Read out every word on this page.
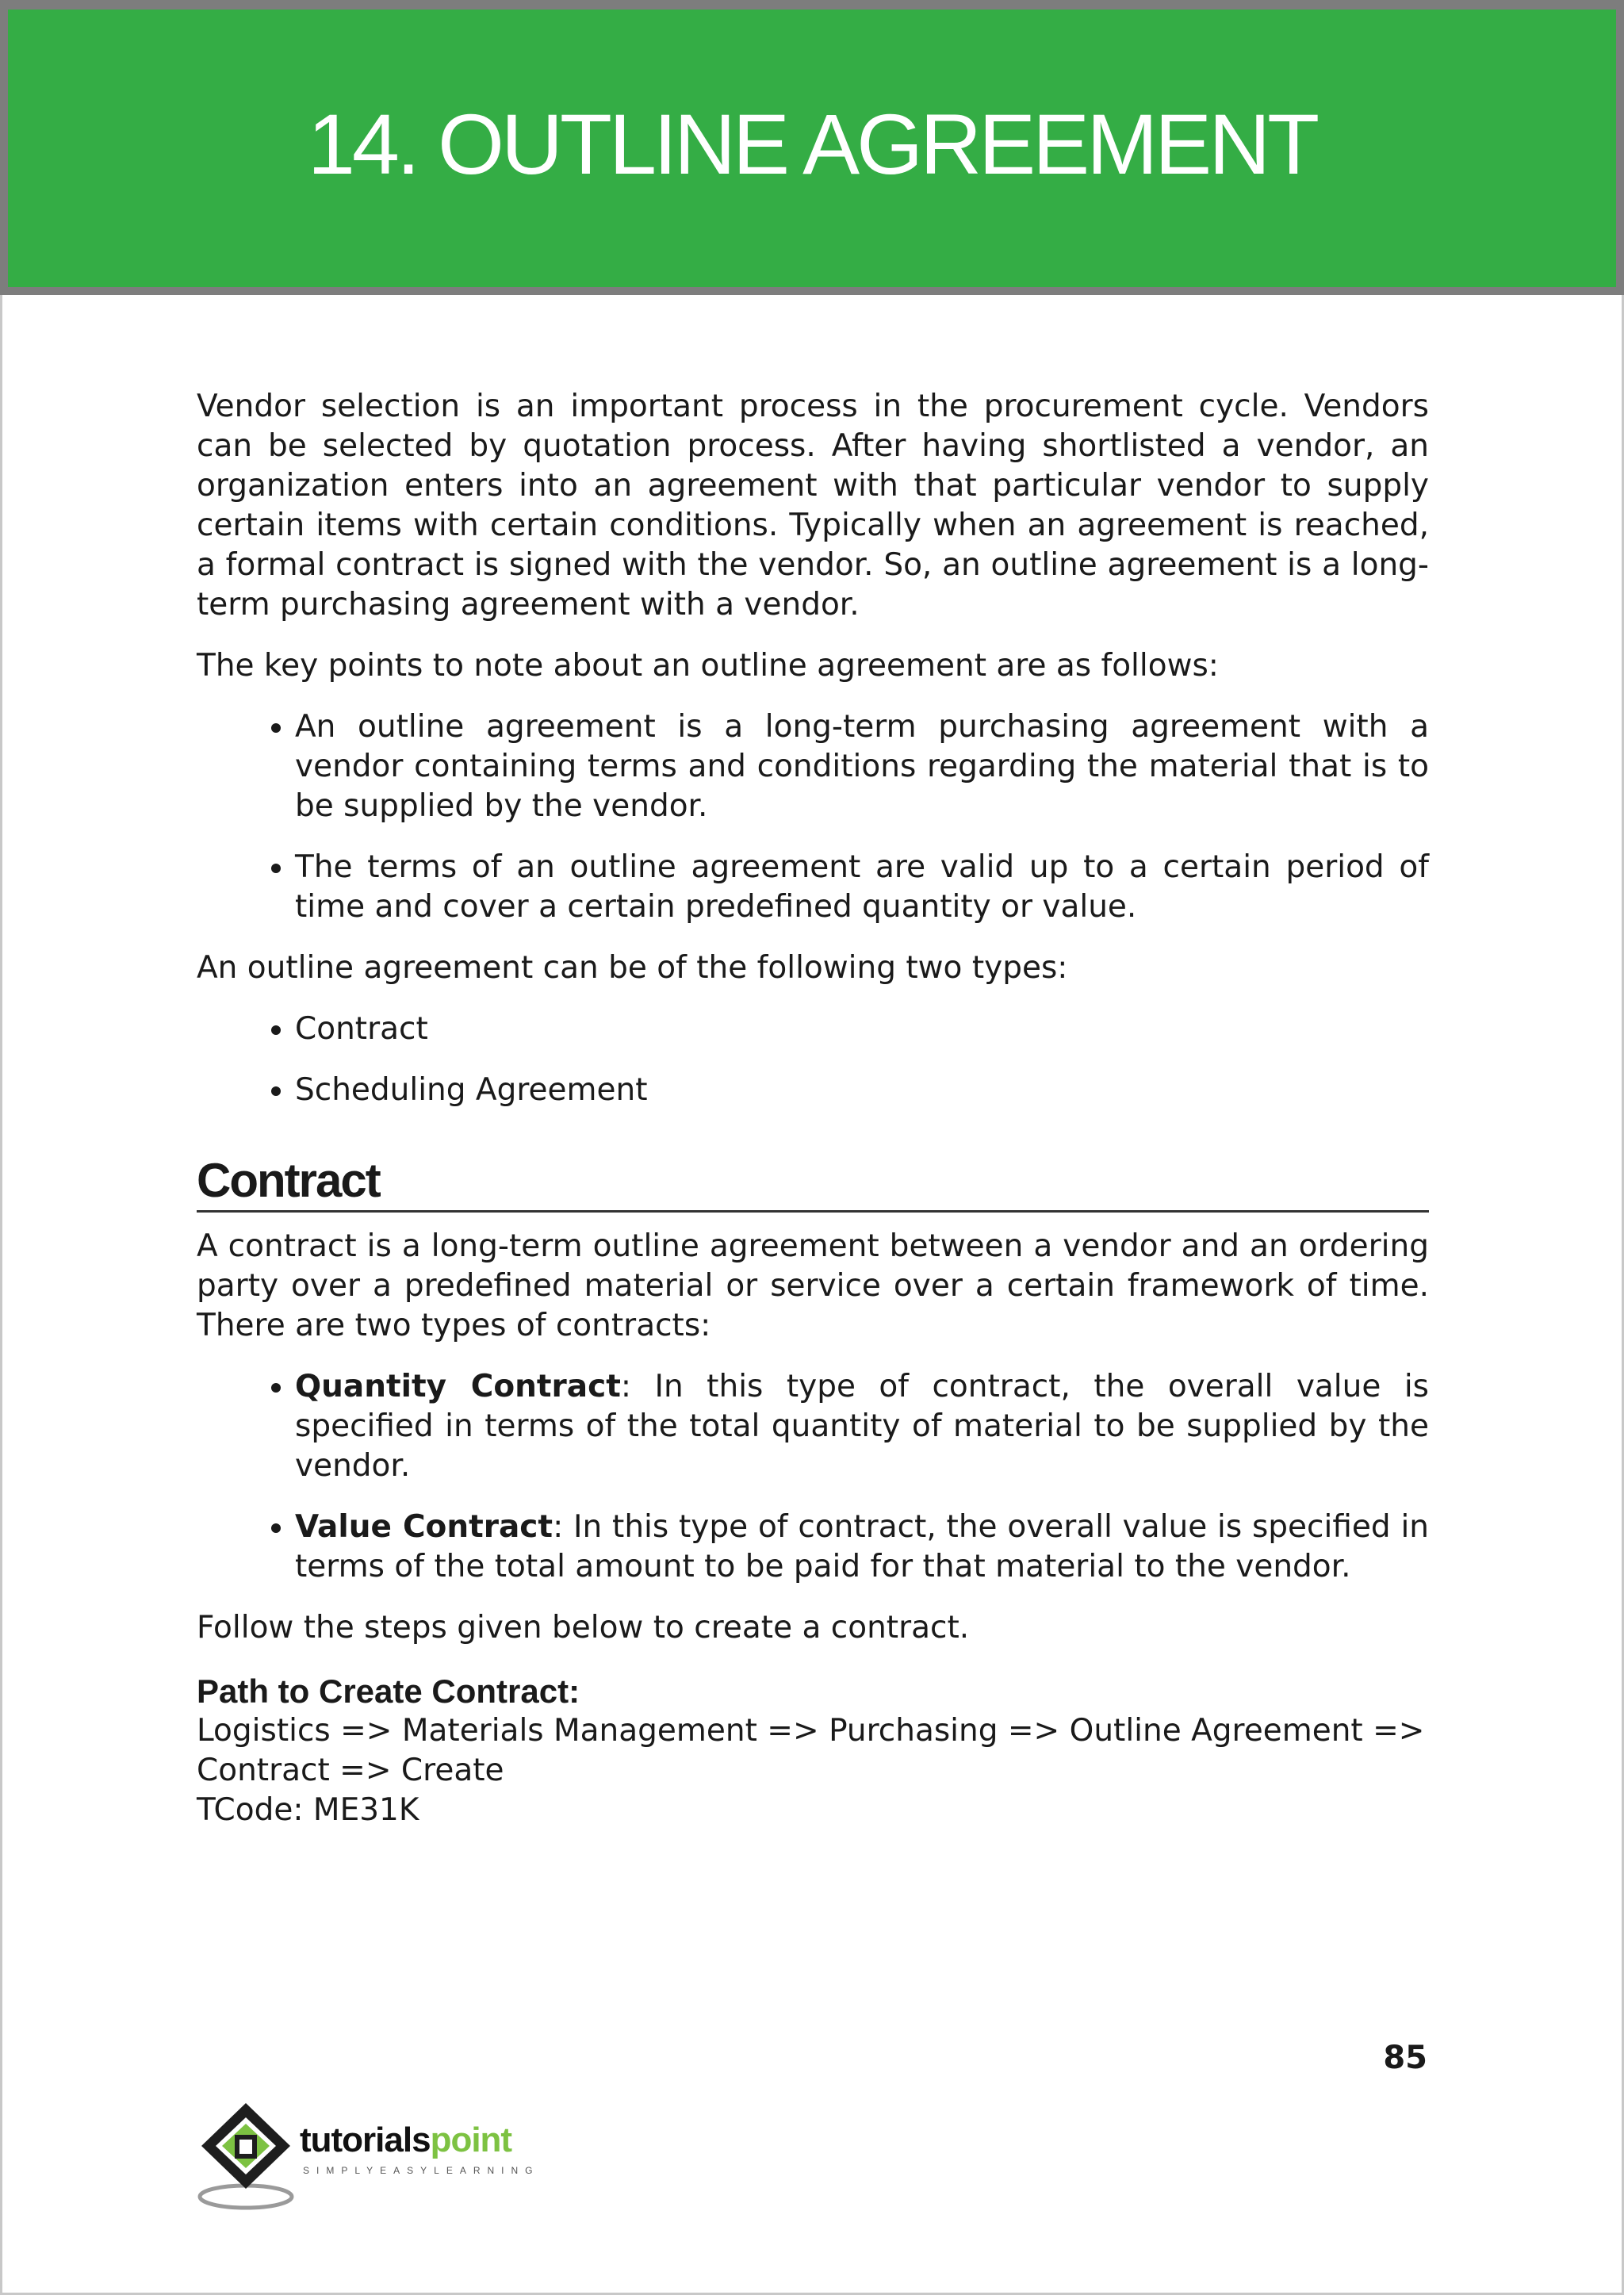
14. OUTLINE AGREEMENT

Vendor selection is an important process in the procurement cycle. Vendors can be selected by quotation process. After having shortlisted a vendor, an organization enters into an agreement with that particular vendor to supply certain items with certain conditions. Typically when an agreement is reached, a formal contract is signed with the vendor. So, an outline agreement is a long-term purchasing agreement with a vendor.

The key points to note about an outline agreement are as follows:

• An outline agreement is a long-term purchasing agreement with a vendor containing terms and conditions regarding the material that is to be supplied by the vendor.
• The terms of an outline agreement are valid up to a certain period of time and cover a certain predefined quantity or value.

An outline agreement can be of the following two types:

• Contract
• Scheduling Agreement
Contract

A contract is a long-term outline agreement between a vendor and an ordering party over a predefined material or service over a certain framework of time. There are two types of contracts:

• Quantity Contract: In this type of contract, the overall value is specified in terms of the total quantity of material to be supplied by the vendor.
• Value Contract: In this type of contract, the overall value is specified in terms of the total amount to be paid for that material to the vendor.

Follow the steps given below to create a contract.

Path to Create Contract:
Logistics => Materials Management => Purchasing => Outline Agreement =>
Contract => Create
TCode: ME31K
85
tutorialspoint
SIMPLYEASYLEARNING
